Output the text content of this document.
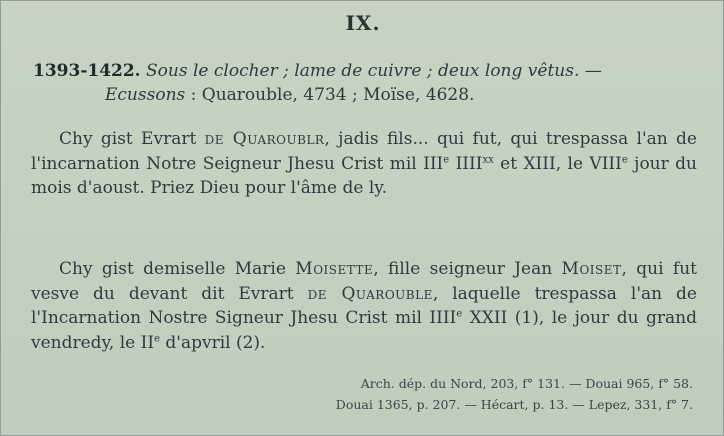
IX.
1393-1422. Sous le clocher ; lame de cuivre ; deux long vêtus. —
Ecussons : Quarouble, 4734 ; Moïse, 4628.
Chy gist Evrart de Quaroublr, jadis fils... qui fut, qui trespassa l'an de l'incarnation Notre Seigneur Jhesu Crist mil IIIe IIII$^{xx}$ et XIII, le VIIIe jour du mois d'aoust. Priez Dieu pour l'âme de ly.
Chy gist demiselle Marie Moisette, fille seigneur Jean Moiset, qui fut vesve du devant dit Evrart de Quarouble, laquelle trespassa l'an de l'Incarnation Nostre Signeur Jhesu Crist mil IIIIe XXII (1), le jour du grand vendredy, le IIe d'apvril (2).
Arch. dép. du Nord, 203, f° 131. — Douai 965, f° 58.
Douai 1365, p. 207. — Hécart, p. 13. — Lepez, 331, f° 7.
